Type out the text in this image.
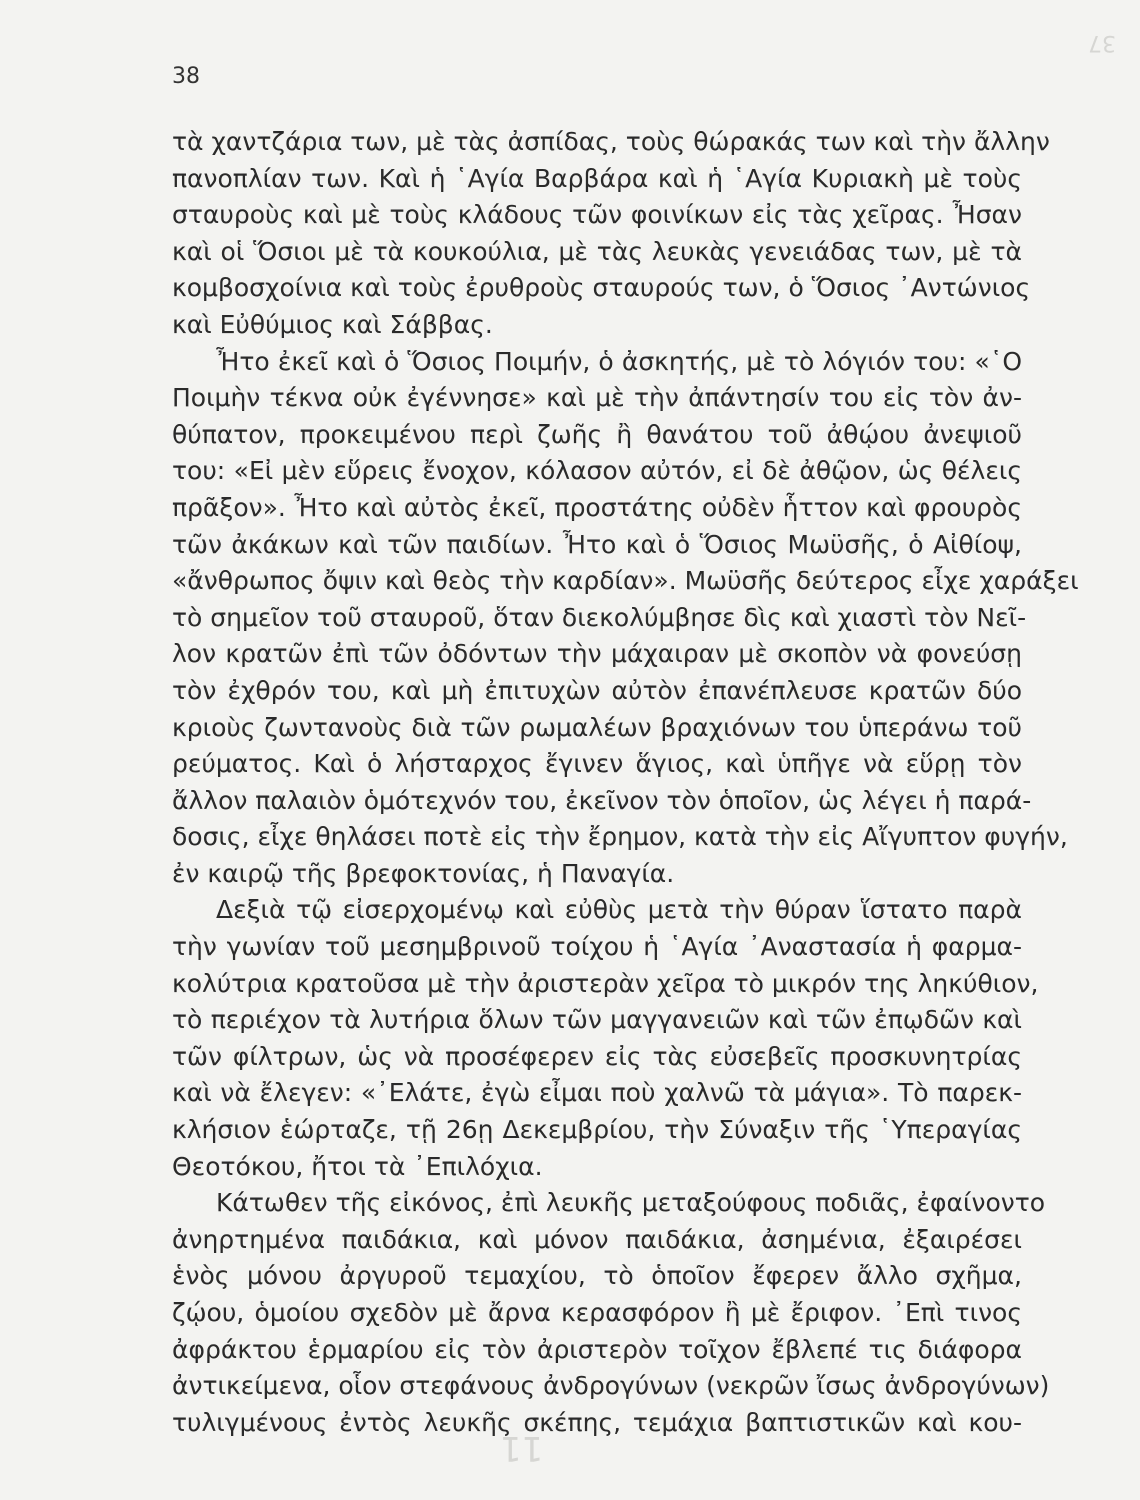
37
38
τὰ χαντζάρια των, μὲ τὰς ἀσπίδας, τοὺς θώρακάς των καὶ τὴν ἄλλην
πανοπλίαν των. Καὶ ἡ ῾Αγία Βαρβάρα καὶ ἡ ῾Αγία Κυριακὴ μὲ τοὺς
σταυροὺς καὶ μὲ τοὺς κλάδους τῶν φοινίκων εἰς τὰς χεῖρας. Ἦσαν
καὶ οἱ Ὅσιοι μὲ τὰ κουκούλια, μὲ τὰς λευκὰς γενειάδας των, μὲ τὰ
κομβοσχοίνια καὶ τοὺς ἐρυθροὺς σταυρούς των, ὁ Ὅσιος ᾿Αντώνιος
καὶ Εὐθύμιος καὶ Σάββας.
Ἦτο ἐκεῖ καὶ ὁ Ὅσιος Ποιμήν, ὁ ἀσκητής, μὲ τὸ λόγιόν του: «῾Ο
Ποιμὴν τέκνα οὐκ ἐγέννησε» καὶ μὲ τὴν ἀπάντησίν του εἰς τὸν ἀν-
θύπατον, προκειμένου περὶ ζωῆς ἢ θανάτου τοῦ ἀθῴου ἀνεψιοῦ
του: «Εἰ μὲν εὕρεις ἔνοχον, κόλασον αὐτόν, εἰ δὲ ἀθῷον, ὡς θέλεις
πρᾶξον». Ἦτο καὶ αὐτὸς ἐκεῖ, προστάτης οὐδὲν ἧττον καὶ φρουρὸς
τῶν ἀκάκων καὶ τῶν παιδίων. Ἦτο καὶ ὁ Ὅσιος Μωϋσῆς, ὁ Αἰθίοψ,
«ἄνθρωπος ὄψιν καὶ θεὸς τὴν καρδίαν». Μωϋσῆς δεύτερος εἶχε χαράξει
τὸ σημεῖον τοῦ σταυροῦ, ὅταν διεκολύμβησε δὶς καὶ χιαστὶ τὸν Νεῖ-
λον κρατῶν ἐπὶ τῶν ὀδόντων τὴν μάχαιραν μὲ σκοπὸν νὰ φονεύσῃ
τὸν ἐχθρόν του, καὶ μὴ ἐπιτυχὼν αὐτὸν ἐπανέπλευσε κρατῶν δύο
κριοὺς ζωντανοὺς διὰ τῶν ρωμαλέων βραχιόνων του ὑπεράνω τοῦ
ρεύματος. Καὶ ὁ λήσταρχος ἔγινεν ἅγιος, καὶ ὑπῆγε νὰ εὕρῃ τὸν
ἄλλον παλαιὸν ὁμότεχνόν του, ἐκεῖνον τὸν ὁποῖον, ὡς λέγει ἡ παρά-
δοσις, εἶχε θηλάσει ποτὲ εἰς τὴν ἔρημον, κατὰ τὴν εἰς Αἴγυπτον φυγήν,
ἐν καιρῷ τῆς βρεφοκτονίας, ἡ Παναγία.
Δεξιὰ τῷ εἰσερχομένῳ καὶ εὐθὺς μετὰ τὴν θύραν ἵστατο παρὰ
τὴν γωνίαν τοῦ μεσημβρινοῦ τοίχου ἡ ῾Αγία ᾿Αναστασία ἡ φαρμα-
κολύτρια κρατοῦσα μὲ τὴν ἀριστερὰν χεῖρα τὸ μικρόν της ληκύθιον,
τὸ περιέχον τὰ λυτήρια ὅλων τῶν μαγγανειῶν καὶ τῶν ἐπῳδῶν καὶ
τῶν φίλτρων, ὡς νὰ προσέφερεν εἰς τὰς εὐσεβεῖς προσκυνητρίας
καὶ νὰ ἔλεγεν: «᾿Ελάτε, ἐγὼ εἶμαι ποὺ χαλνῶ τὰ μάγια». Τὸ παρεκ-
κλήσιον ἑώρταζε, τῇ 26ῃ Δεκεμβρίου, τὴν Σύναξιν τῆς ῾Υπεραγίας
Θεοτόκου, ἤτοι τὰ ᾿Επιλόχια.
Κάτωθεν τῆς εἰκόνος, ἐπὶ λευκῆς μεταξούφους ποδιᾶς, ἐφαίνοντο
ἀνηρτημένα παιδάκια, καὶ μόνον παιδάκια, ἀσημένια, ἐξαιρέσει
ἑνὸς μόνου ἀργυροῦ τεμαχίου, τὸ ὁποῖον ἔφερεν ἄλλο σχῆμα,
ζῴου, ὁμοίου σχεδὸν μὲ ἄρνα κερασφόρον ἢ μὲ ἔριφον. ᾿Επὶ τινος
ἀφράκτου ἑρμαρίου εἰς τὸν ἀριστερὸν τοῖχον ἔβλεπέ τις διάφορα
ἀντικείμενα, οἷον στεφάνους ἀνδρογύνων (νεκρῶν ἴσως ἀνδρογύνων)
τυλιγμένους ἐντὸς λευκῆς σκέπης, τεμάχια βαπτιστικῶν καὶ κου-
11
